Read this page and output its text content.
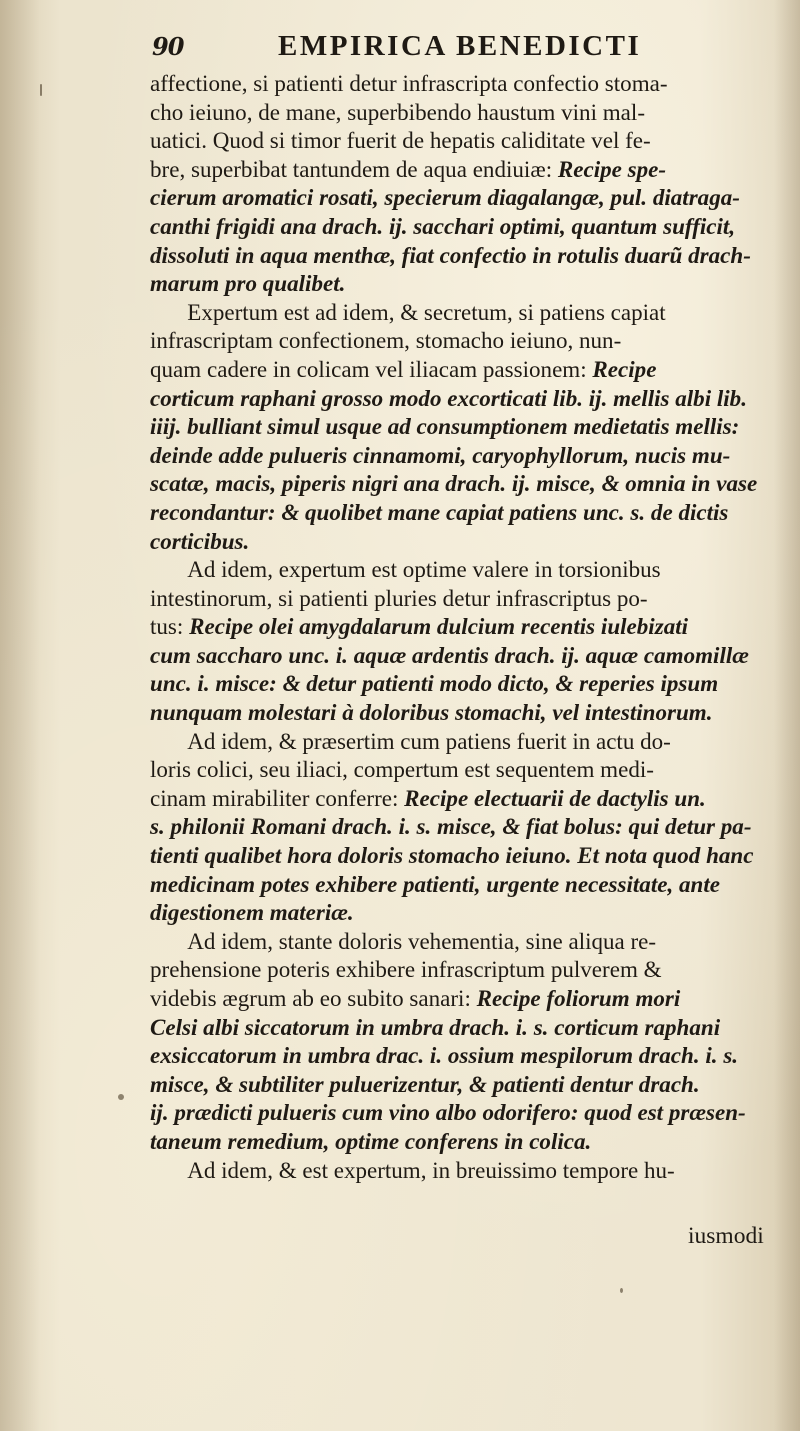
90	EMPIRICA BENEDICTI
affectione, si patienti detur infrascripta confectio stoma-
cho ieiuno, de mane, superbibendo haustum vini mal-
uatici. Quod si timor fuerit de hepatis caliditate vel fe-
bre, superbibat tantundem de aqua endiuiæ: Recipe spe-
cierum aromatici rosati, specierum diagalangæ, pul. diatraga-
canthi frigidi ana drach. ij. sacchari optimi, quantum sufficit,
dissoluti in aqua menthæ, fiat confectio in rotulis duarũ drach-
marum pro qualibet.
Expertum est ad idem, & secretum, si patiens capiat
infrascriptam confectionem, stomacho ieiuno, nun-
quam cadere in colicam vel iliacam passionem: Recipe
corticum raphani grosso modo excorticati lib. ij. mellis albi lib.
iiij. bulliant simul usque ad consumptionem medietatis mellis:
deinde adde pulueris cinnamomi, caryophyllorum, nucis mu-
scatæ, macis, piperis nigri ana drach. ij. misce, & omnia in vase
recondantur: & quolibet mane capiat patiens unc. s. de dictis
corticibus.
Ad idem, expertum est optime valere in torsionibus
intestinorum, si patienti pluries detur infrascriptus po-
tus: Recipe olei amygdalarum dulcium recentis iulebizati
cum saccharo unc. i. aquæ ardentis drach. ij. aquæ camomillæ
unc. i. misce: & detur patienti modo dicto, & reperies ipsum
nunquam molestari à doloribus stomachi, vel intestinorum.
Ad idem, & præsertim cum patiens fuerit in actu do-
loris colici, seu iliaci, compertum est sequentem medi-
cinam mirabiliter conferre: Recipe electuarii de dactylis un.
s. philonii Romani drach. i. s. misce, & fiat bolus: qui detur pa-
tienti qualibet hora doloris stomacho ieiuno. Et nota quod hanc
medicinam potes exhibere patienti, urgente necessitate, ante
digestionem materiæ.
Ad idem, stante doloris vehementia, sine aliqua re-
prehensione poteris exhibere infrascriptum pulverem &
videbis ægrum ab eo subito sanari: Recipe foliorum mori
Celsi albi siccatorum in umbra drach. i. s. corticum raphani
exsiccatorum in umbra drac. i. ossium mespilorum drach. i. s.
misce, & subtiliter puluerizentur, & patienti dentur drach.
ij. prædicti pulueris cum vino albo odorifero: quod est præsen-
taneum remedium, optime conferens in colica.
Ad idem, & est expertum, in breuissimo tempore hu-
iusmodi
